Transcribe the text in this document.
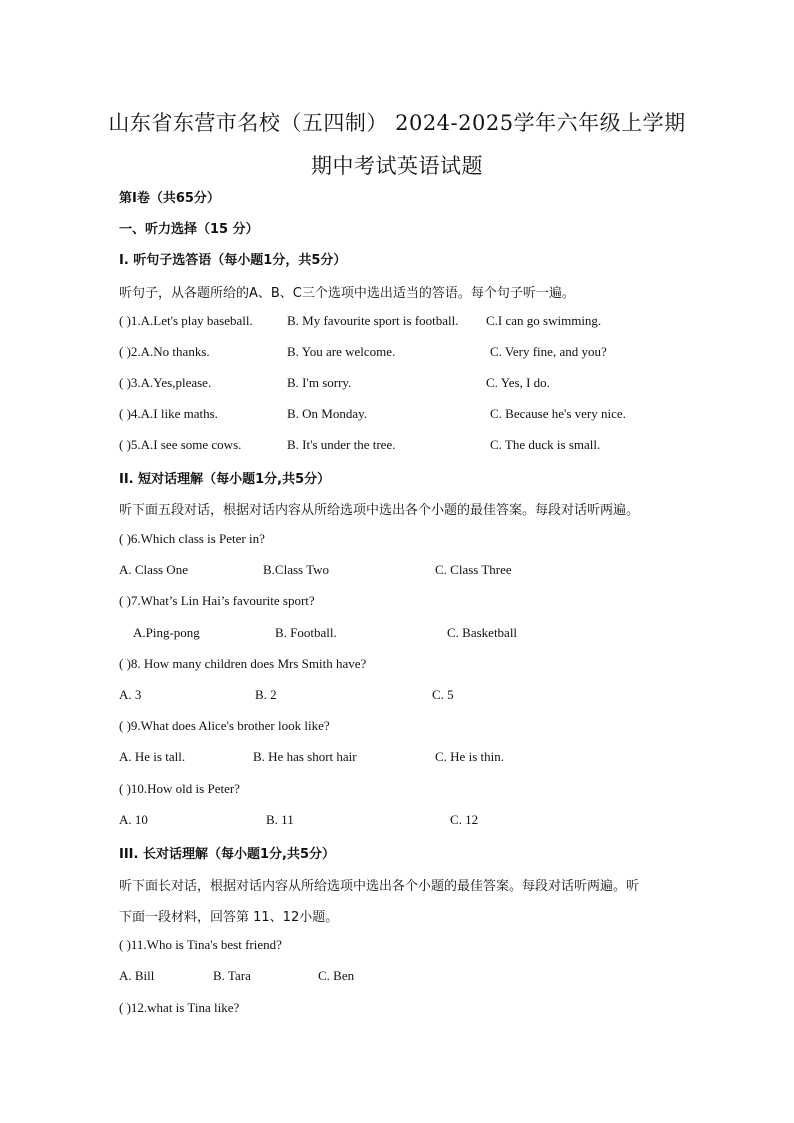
山东省东营市名校（五四制） 2024-2025学年六年级上学期
期中考试英语试题
第Ⅰ卷（共65分）
一、听力选择（15 分）
I. 听句子选答语（每小题1分，共5分）
听句子，从各题所给的A、B、C三个选项中选出适当的答语。每个句子听一遍。
( )1.A.Let's play baseball.	B. My favourite sport is football. C.I can go swimming.
( )2.A.No thanks.	B. You are welcome.	C. Very fine, and you?
( )3.A.Yes,please.	B. I'm sorry.	C. Yes, I do.
( )4.A.I like maths.	B. On Monday.	C. Because he's very nice.
( )5.A.I see some cows.	B. It's under the tree.	C. The duck is small.
II. 短对话理解（每小题1分,共5分）
听下面五段对话，根据对话内容从所给选项中选出各个小题的最佳答案。每段对话听两遍。
( )6.Which class is Peter in?
A. Class One	B.Class Two	C. Class Three
( )7.What’s Lin Hai’s favourite sport?
A.Ping-pong	B. Football.	C. Basketball
( )8. How many children does Mrs Smith have?
A. 3	B. 2	C. 5
( )9.What does Alice's brother look like?
A. He is tall.	B. He has short hair	C. He is thin.
( )10.How old is Peter?
A. 10	B. 11	C. 12
III. 长对话理解（每小题1分,共5分）
听下面长对话，根据对话内容从所给选项中选出各个小题的最佳答案。每段对话听两遍。听
下面一段材料，回答第 11、12小题。
( )11.Who is Tina's best friend?
A. Bill	B. Tara	C. Ben
( )12.what is Tina like?
